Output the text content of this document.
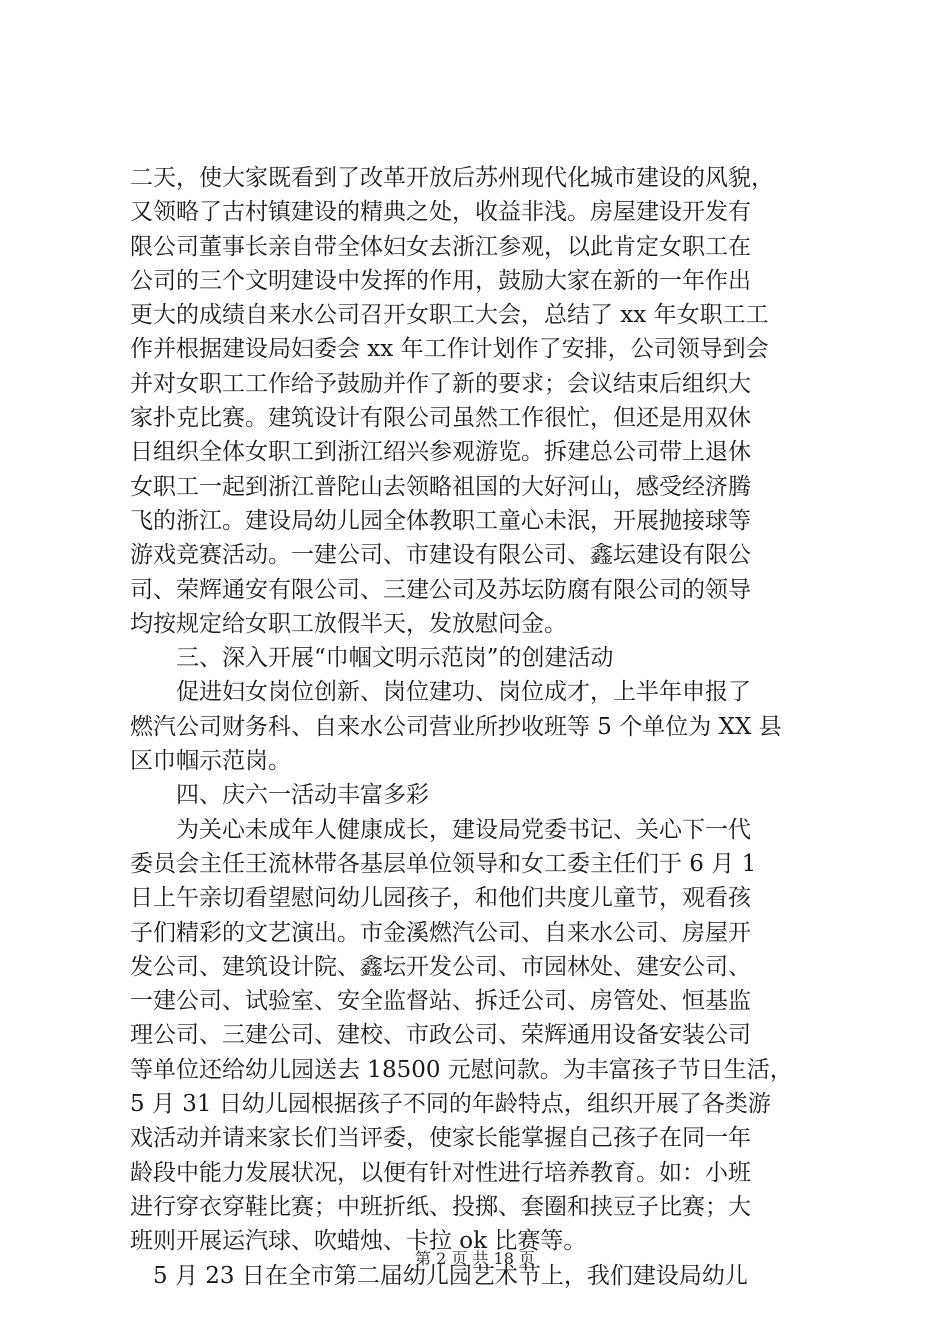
二天，使大家既看到了改革开放后苏州现代化城市建设的风貌，
又领略了古村镇建设的精典之处，收益非浅。房屋建设开发有
限公司董事长亲自带全体妇女去浙江参观，以此肯定女职工在
公司的三个文明建设中发挥的作用，鼓励大家在新的一年作出
更大的成绩自来水公司召开女职工大会，总结了 xx 年女职工工
作并根据建设局妇委会 xx 年工作计划作了安排，公司领导到会
并对女职工工作给予鼓励并作了新的要求；会议结束后组织大
家扑克比赛。建筑设计有限公司虽然工作很忙，但还是用双休
日组织全体女职工到浙江绍兴参观游览。拆建总公司带上退休
女职工一起到浙江普陀山去领略祖国的大好河山，感受经济腾
飞的浙江。建设局幼儿园全体教职工童心未泯，开展抛接球等
游戏竞赛活动。一建公司、市建设有限公司、鑫坛建设有限公
司、荣辉通安有限公司、三建公司及苏坛防腐有限公司的领导
均按规定给女职工放假半天，发放慰问金。
　　三、深入开展“巾帼文明示范岗”的创建活动
　　促进妇女岗位创新、岗位建功、岗位成才，上半年申报了
燃汽公司财务科、自来水公司营业所抄收班等 5 个单位为 XX 县
区巾帼示范岗。
　　四、庆六一活动丰富多彩
　　为关心未成年人健康成长，建设局党委书记、关心下一代
委员会主任王流林带各基层单位领导和女工委主任们于 6 月 1
日上午亲切看望慰问幼儿园孩子，和他们共度儿童节，观看孩
子们精彩的文艺演出。市金溪燃汽公司、自来水公司、房屋开
发公司、建筑设计院、鑫坛开发公司、市园林处、建安公司、
一建公司、试验室、安全监督站、拆迁公司、房管处、恒基监
理公司、三建公司、建校、市政公司、荣辉通用设备安装公司
等单位还给幼儿园送去 18500 元慰问款。为丰富孩子节日生活，
5 月 31 日幼儿园根据孩子不同的年龄特点，组织开展了各类游
戏活动并请来家长们当评委，使家长能掌握自己孩子在同一年
龄段中能力发展状况，以便有针对性进行培养教育。如：小班
进行穿衣穿鞋比赛；中班折纸、投掷、套圈和挟豆子比赛；大
班则开展运汽球、吹蜡烛、卡拉 ok 比赛等。
　5 月 23 日在全市第二届幼儿园艺术节上，我们建设局幼儿
第 2 页 共 18 页
